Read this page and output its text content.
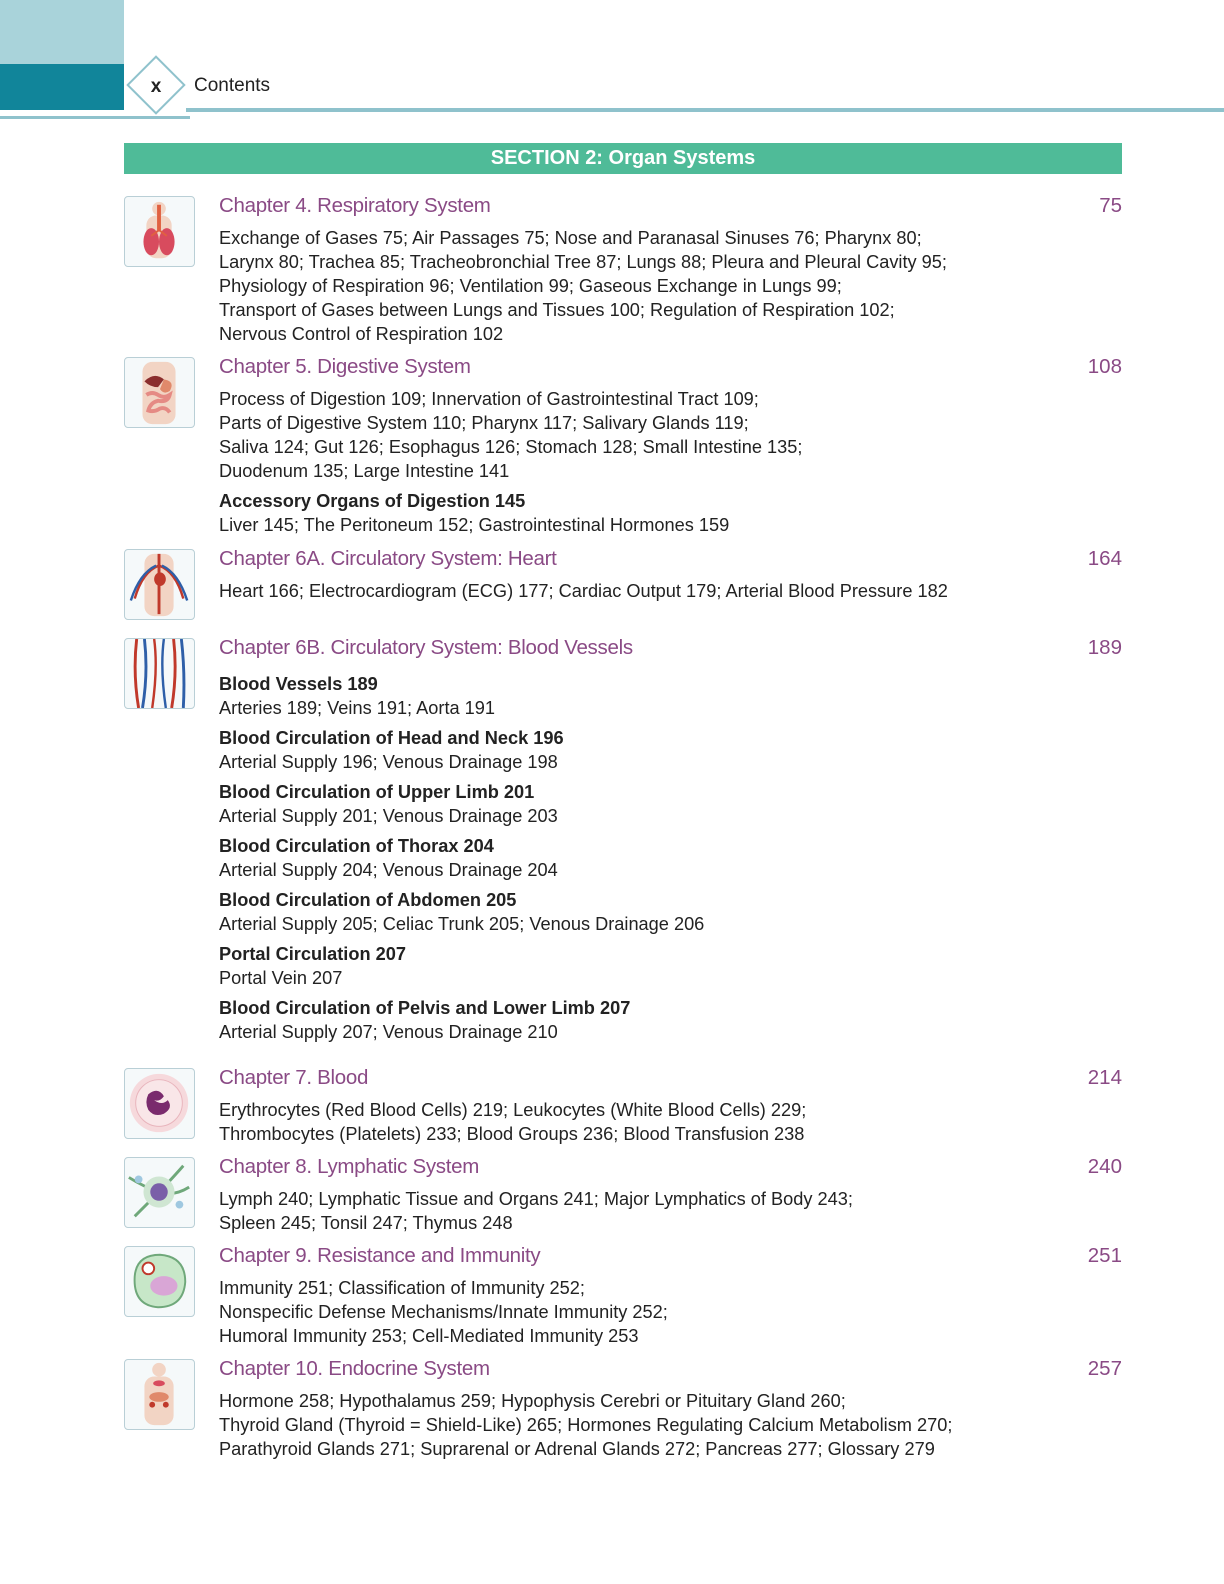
x	Contents
SECTION 2: Organ Systems
Chapter 4. Respiratory System	75
Exchange of Gases 75; Air Passages 75; Nose and Paranasal Sinuses 76; Pharynx 80;
Larynx 80; Trachea 85; Tracheobronchial Tree 87; Lungs 88; Pleura and Pleural Cavity 95;
Physiology of Respiration 96; Ventilation 99; Gaseous Exchange in Lungs 99;
Transport of Gases between Lungs and Tissues 100; Regulation of Respiration 102;
Nervous Control of Respiration 102
Chapter 5. Digestive System	108
Process of Digestion 109; Innervation of Gastrointestinal Tract 109;
Parts of Digestive System 110; Pharynx 117; Salivary Glands 119;
Saliva 124; Gut 126; Esophagus 126; Stomach 128; Small Intestine 135;
Duodenum 135; Large Intestine 141
Accessory Organs of Digestion 145
Liver 145; The Peritoneum 152; Gastrointestinal Hormones 159
Chapter 6A. Circulatory System: Heart	164
Heart 166; Electrocardiogram (ECG) 177; Cardiac Output 179; Arterial Blood Pressure 182
Chapter 6B. Circulatory System: Blood Vessels	189
Blood Vessels 189
Arteries 189; Veins 191; Aorta 191
Blood Circulation of Head and Neck 196
Arterial Supply 196; Venous Drainage 198
Blood Circulation of Upper Limb 201
Arterial Supply 201; Venous Drainage 203
Blood Circulation of Thorax 204
Arterial Supply 204; Venous Drainage 204
Blood Circulation of Abdomen 205
Arterial Supply 205; Celiac Trunk 205; Venous Drainage 206
Portal Circulation 207
Portal Vein 207
Blood Circulation of Pelvis and Lower Limb 207
Arterial Supply 207; Venous Drainage 210
Chapter 7. Blood	214
Erythrocytes (Red Blood Cells) 219; Leukocytes (White Blood Cells) 229;
Thrombocytes (Platelets) 233; Blood Groups 236; Blood Transfusion 238
Chapter 8. Lymphatic System	240
Lymph 240; Lymphatic Tissue and Organs 241; Major Lymphatics of Body 243;
Spleen 245; Tonsil 247; Thymus 248
Chapter 9. Resistance and Immunity	251
Immunity 251; Classification of Immunity 252;
Nonspecific Defense Mechanisms/Innate Immunity 252;
Humoral Immunity 253; Cell-Mediated Immunity 253
Chapter 10. Endocrine System	257
Hormone 258; Hypothalamus 259; Hypophysis Cerebri or Pituitary Gland 260;
Thyroid Gland (Thyroid = Shield-Like) 265; Hormones Regulating Calcium Metabolism 270;
Parathyroid Glands 271; Suprarenal or Adrenal Glands 272; Pancreas 277; Glossary 279
